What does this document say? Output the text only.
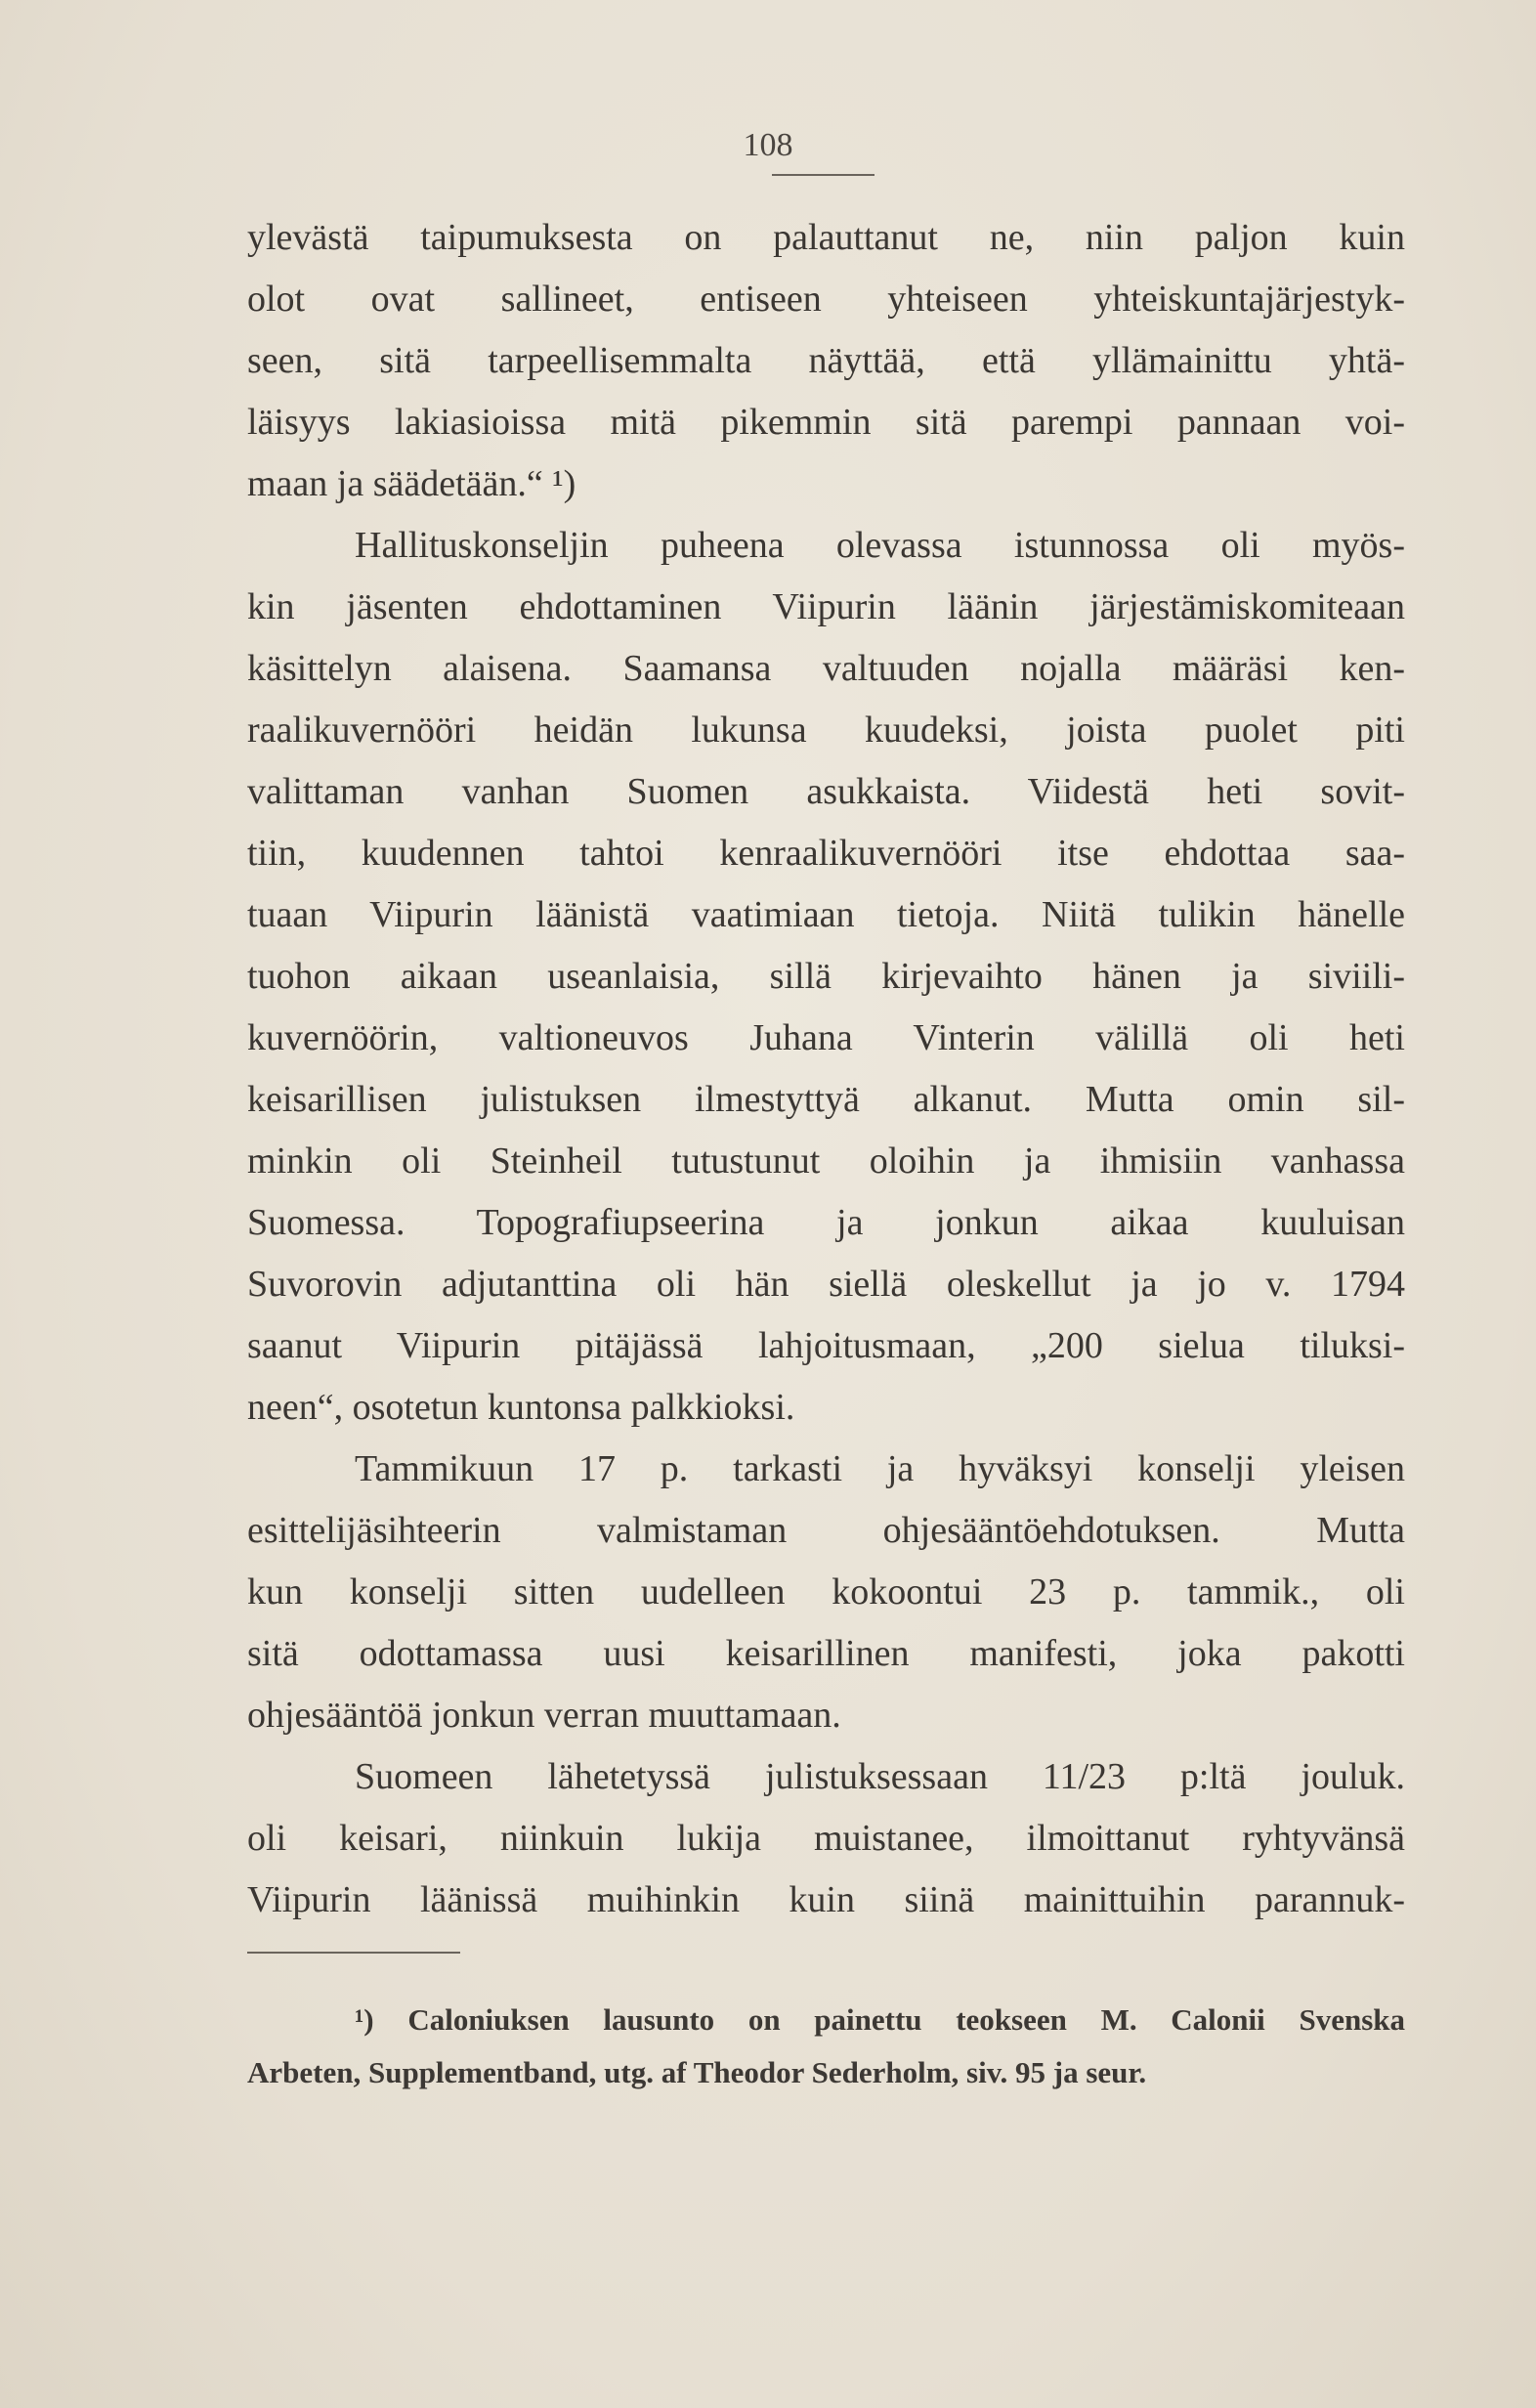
108
ylevästä taipumuksesta on palauttanut ne, niin paljon kuin
olot ovat sallineet, entiseen yhteiseen yhteiskuntajärjestyk-
seen, sitä tarpeellisemmalta näyttää, että yllämainittu yhtä-
läisyys lakiasioissa mitä pikemmin sitä parempi pannaan voi-
maan ja säädetään.“ ¹)
Hallituskonseljin puheena olevassa istunnossa oli myös-
kin jäsenten ehdottaminen Viipurin läänin järjestämiskomiteaan
käsittelyn alaisena. Saamansa valtuuden nojalla määräsi ken-
raalikuvernööri heidän lukunsa kuudeksi, joista puolet piti
valittaman vanhan Suomen asukkaista. Viidestä heti sovit-
tiin, kuudennen tahtoi kenraalikuvernööri itse ehdottaa saa-
tuaan Viipurin läänistä vaatimiaan tietoja. Niitä tulikin hänelle
tuohon aikaan useanlaisia, sillä kirjevaihto hänen ja siviili-
kuvernöörin, valtioneuvos Juhana Vinterin välillä oli heti
keisarillisen julistuksen ilmestyttyä alkanut. Mutta omin sil-
minkin oli Steinheil tutustunut oloihin ja ihmisiin vanhassa
Suomessa. Topografiupseerina ja jonkun aikaa kuuluisan
Suvorovin adjutanttina oli hän siellä oleskellut ja jo v. 1794
saanut Viipurin pitäjässä lahjoitusmaan, „200 sielua tiluksi-
neen“, osotetun kuntonsa palkkioksi.
Tammikuun 17 p. tarkasti ja hyväksyi konselji yleisen
esittelijäsihteerin valmistaman ohjesääntöehdotuksen. Mutta
kun konselji sitten uudelleen kokoontui 23 p. tammik., oli
sitä odottamassa uusi keisarillinen manifesti, joka pakotti
ohjesääntöä jonkun verran muuttamaan.
Suomeen lähetetyssä julistuksessaan 11/23 p:ltä jouluk.
oli keisari, niinkuin lukija muistanee, ilmoittanut ryhtyvänsä
Viipurin läänissä muihinkin kuin siinä mainittuihin parannuk-
¹) Caloniuksen lausunto on painettu teokseen M. Calonii Svenska
Arbeten, Supplementband, utg. af Theodor Sederholm, siv. 95 ja seur.
